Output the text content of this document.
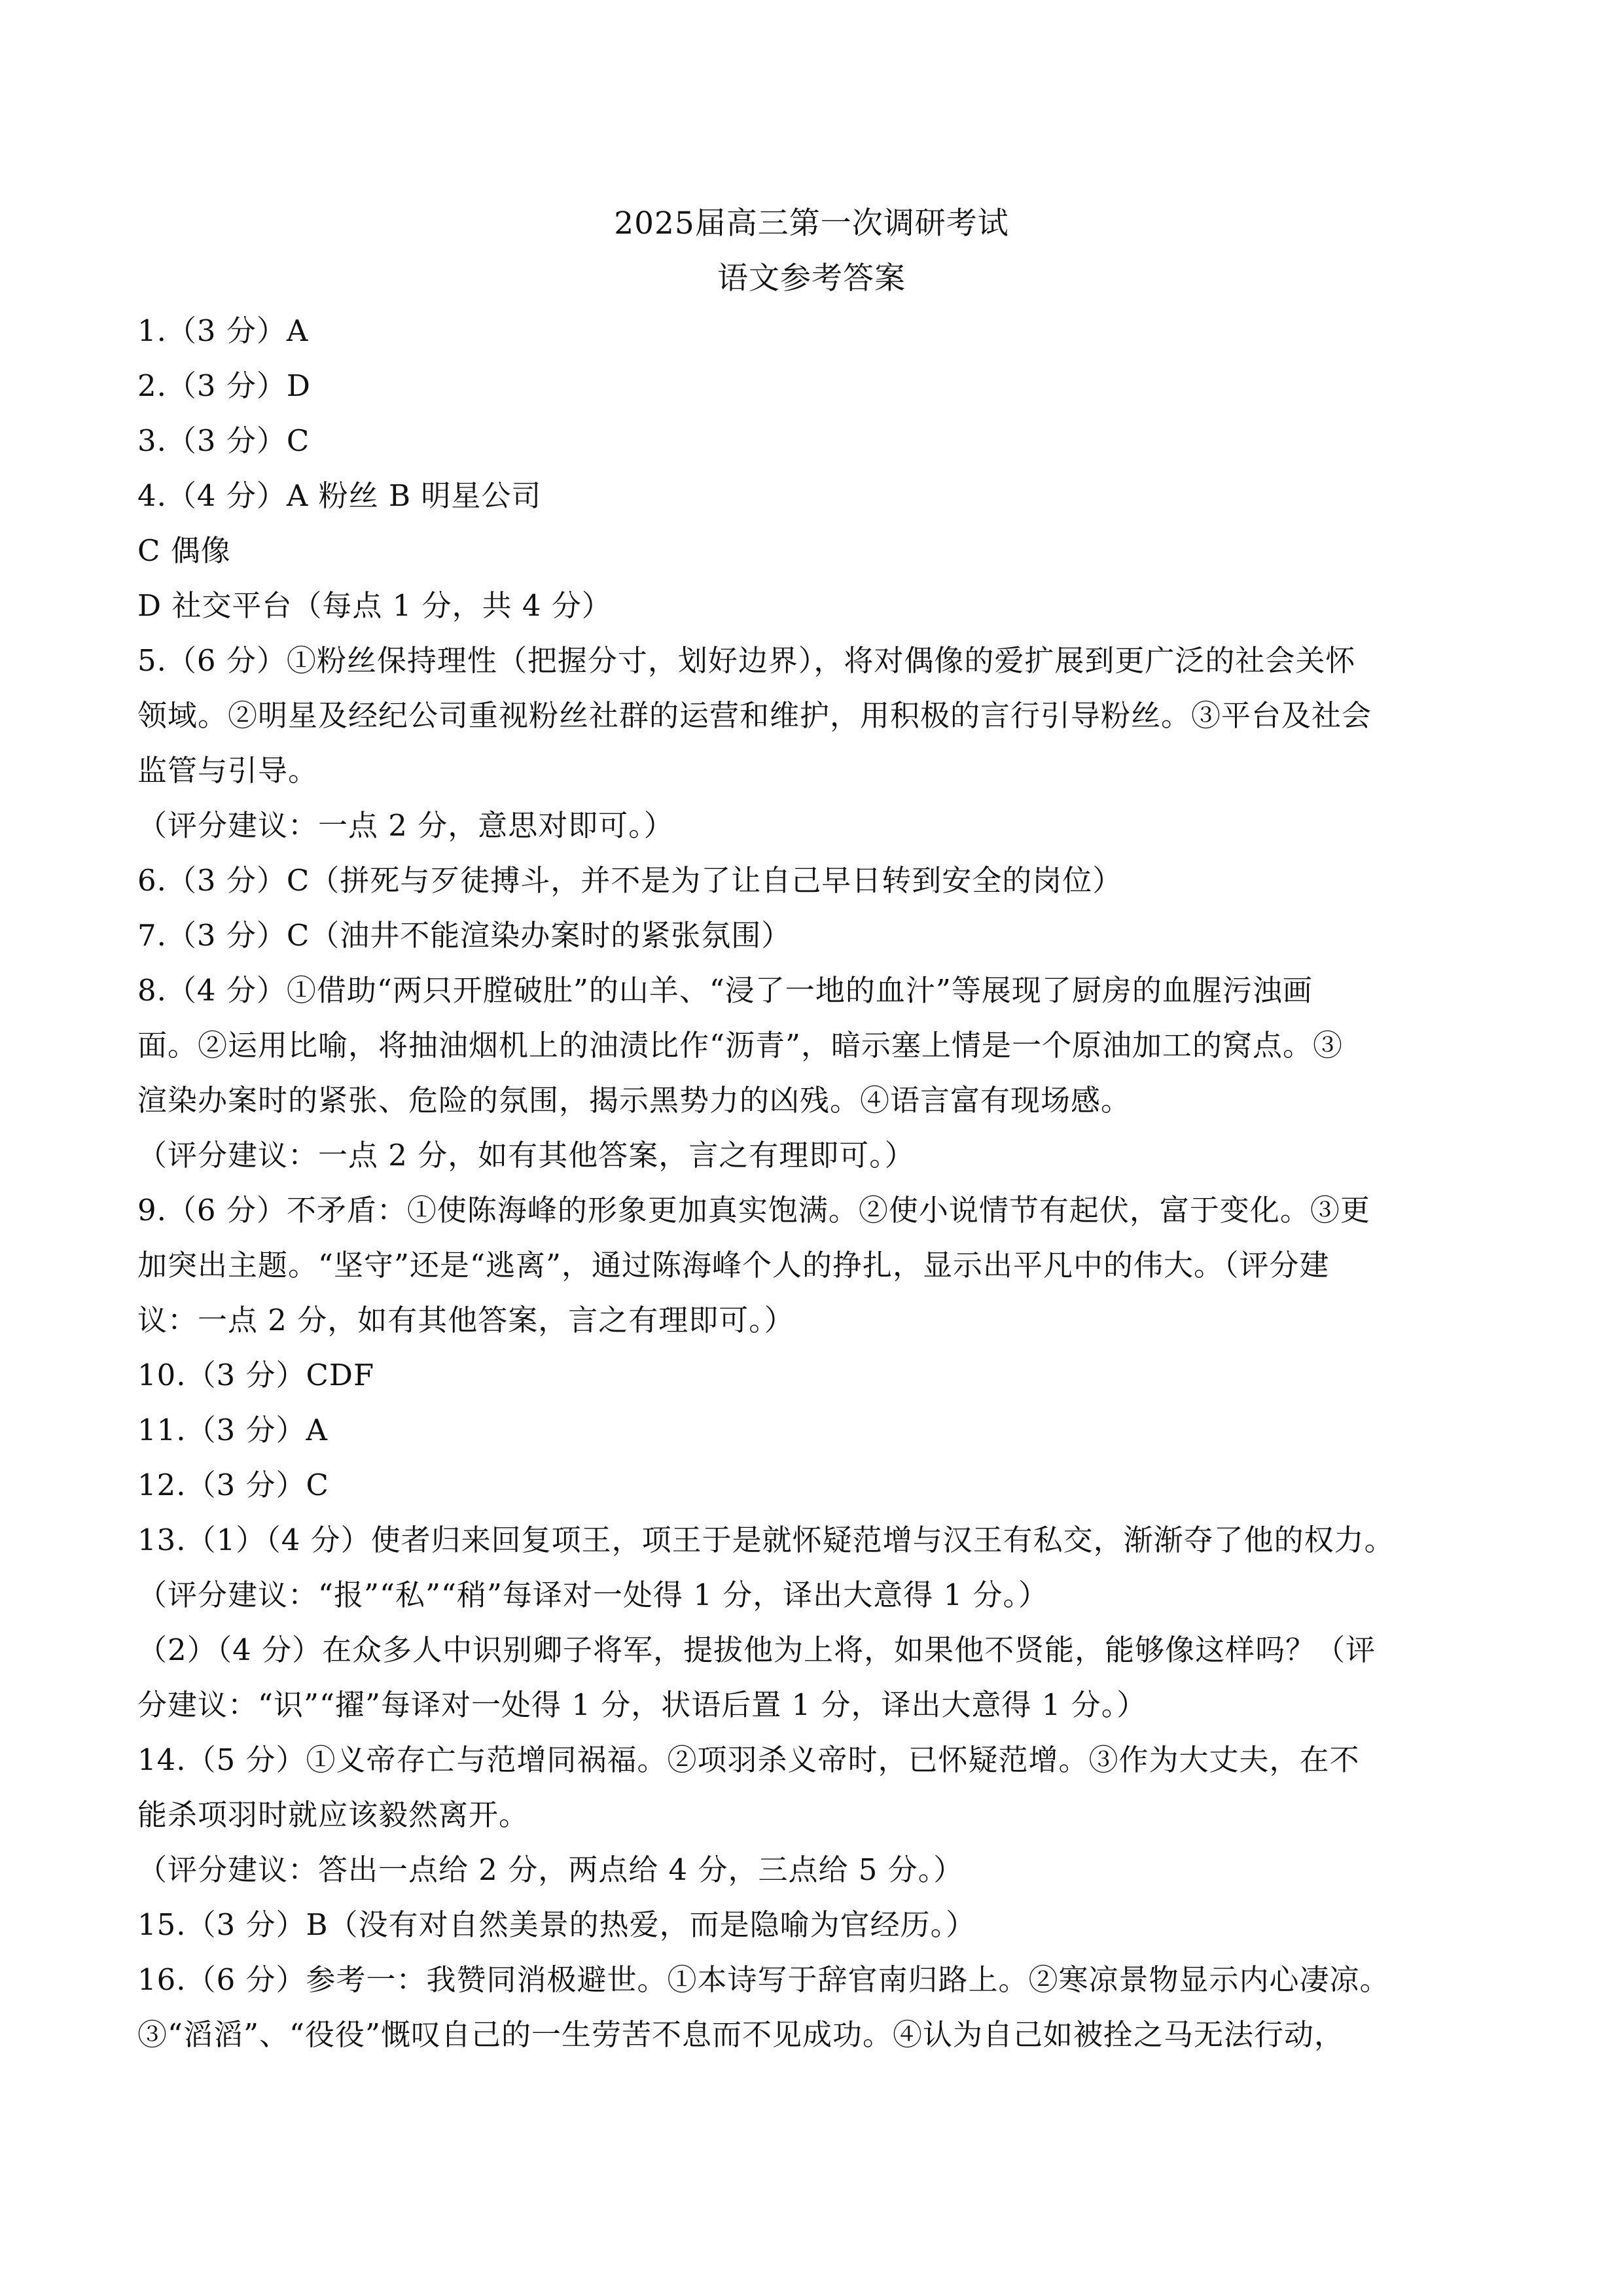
2025届高三第一次调研考试
语文参考答案
1.（3 分）A
2.（3 分）D
3.（3 分）C
4.（4 分）A 粉丝 B 明星公司
C 偶像
D 社交平台（每点 1 分，共 4 分）
5.（6 分）①粉丝保持理性（把握分寸，划好边界），将对偶像的爱扩展到更广泛的社会关怀
领域。②明星及经纪公司重视粉丝社群的运营和维护，用积极的言行引导粉丝。③平台及社会
监管与引导。
（评分建议：一点 2 分，意思对即可。）
6.（3 分）C（拼死与歹徒搏斗，并不是为了让自己早日转到安全的岗位）
7.（3 分）C（油井不能渲染办案时的紧张氛围）
8.（4 分）①借助“两只开膛破肚”的山羊、“浸了一地的血汁”等展现了厨房的血腥污浊画
面。②运用比喻，将抽油烟机上的油渍比作“沥青”，暗示塞上情是一个原油加工的窝点。③
渲染办案时的紧张、危险的氛围，揭示黑势力的凶残。④语言富有现场感。
（评分建议：一点 2 分，如有其他答案，言之有理即可。）
9.（6 分）不矛盾：①使陈海峰的形象更加真实饱满。②使小说情节有起伏，富于变化。③更
加突出主题。“坚守”还是“逃离”，通过陈海峰个人的挣扎，显示出平凡中的伟大。（评分建
议：一点 2 分，如有其他答案，言之有理即可。）
10.（3 分）CDF
11.（3 分）A
12.（3 分）C
13.（1）（4 分）使者归来回复项王，项王于是就怀疑范增与汉王有私交，渐渐夺了他的权力。
（评分建议：“报”“私”“稍”每译对一处得 1 分，译出大意得 1 分。）
（2）（4 分）在众多人中识别卿子将军，提拔他为上将，如果他不贤能，能够像这样吗？（评
分建议：“识”“擢”每译对一处得 1 分，状语后置 1 分，译出大意得 1 分。）
14.（5 分）①义帝存亡与范增同祸福。②项羽杀义帝时，已怀疑范增。③作为大丈夫，在不
能杀项羽时就应该毅然离开。
（评分建议：答出一点给 2 分，两点给 4 分，三点给 5 分。）
15.（3 分）B（没有对自然美景的热爱，而是隐喻为官经历。）
16.（6 分）参考一：我赞同消极避世。①本诗写于辞官南归路上。②寒凉景物显示内心凄凉。
③“滔滔”、“役役”慨叹自己的一生劳苦不息而不见成功。④认为自己如被拴之马无法行动，
